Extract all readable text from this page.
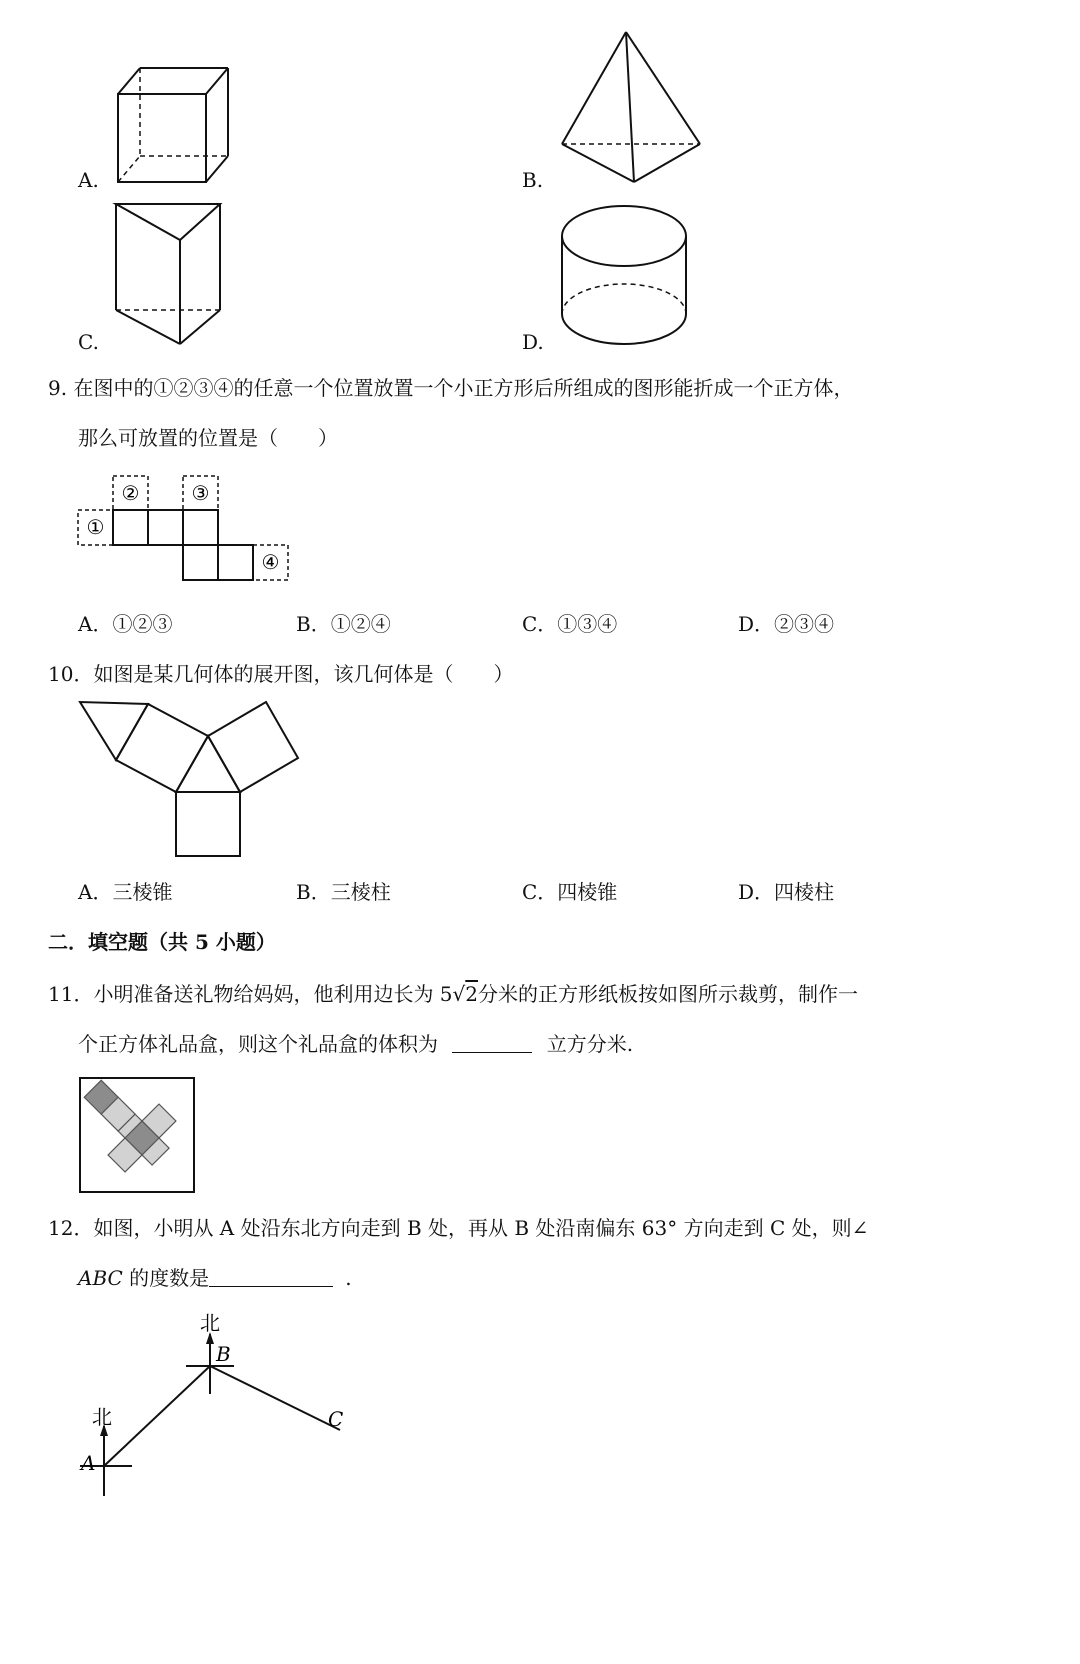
A.	B.
C.	D.
9. 在图中的①②③④的任意一个位置放置一个小正方形后所组成的图形能折成一个正方体，
那么可放置的位置是（　　）
①
②	③
④
A．①②③	B．①②④	C．①③④	D．②③④
10．如图是某几何体的展开图，该几何体是（　　）
A．三棱锥	B．三棱柱	C．四棱锥	D．四棱柱
二．填空题（共 5 小题）
11．小明准备送礼物给妈妈，他利用边长为 5√2分米的正方形纸板按如图所示裁剪，制作一
个正方体礼品盒，则这个礼品盒的体积为	立方分米.
12．如图，小明从 A 处沿东北方向走到 B 处，再从 B 处沿南偏东 63° 方向走到 C 处，则∠
ABC 的度数是	.
北
北
A
B
C
